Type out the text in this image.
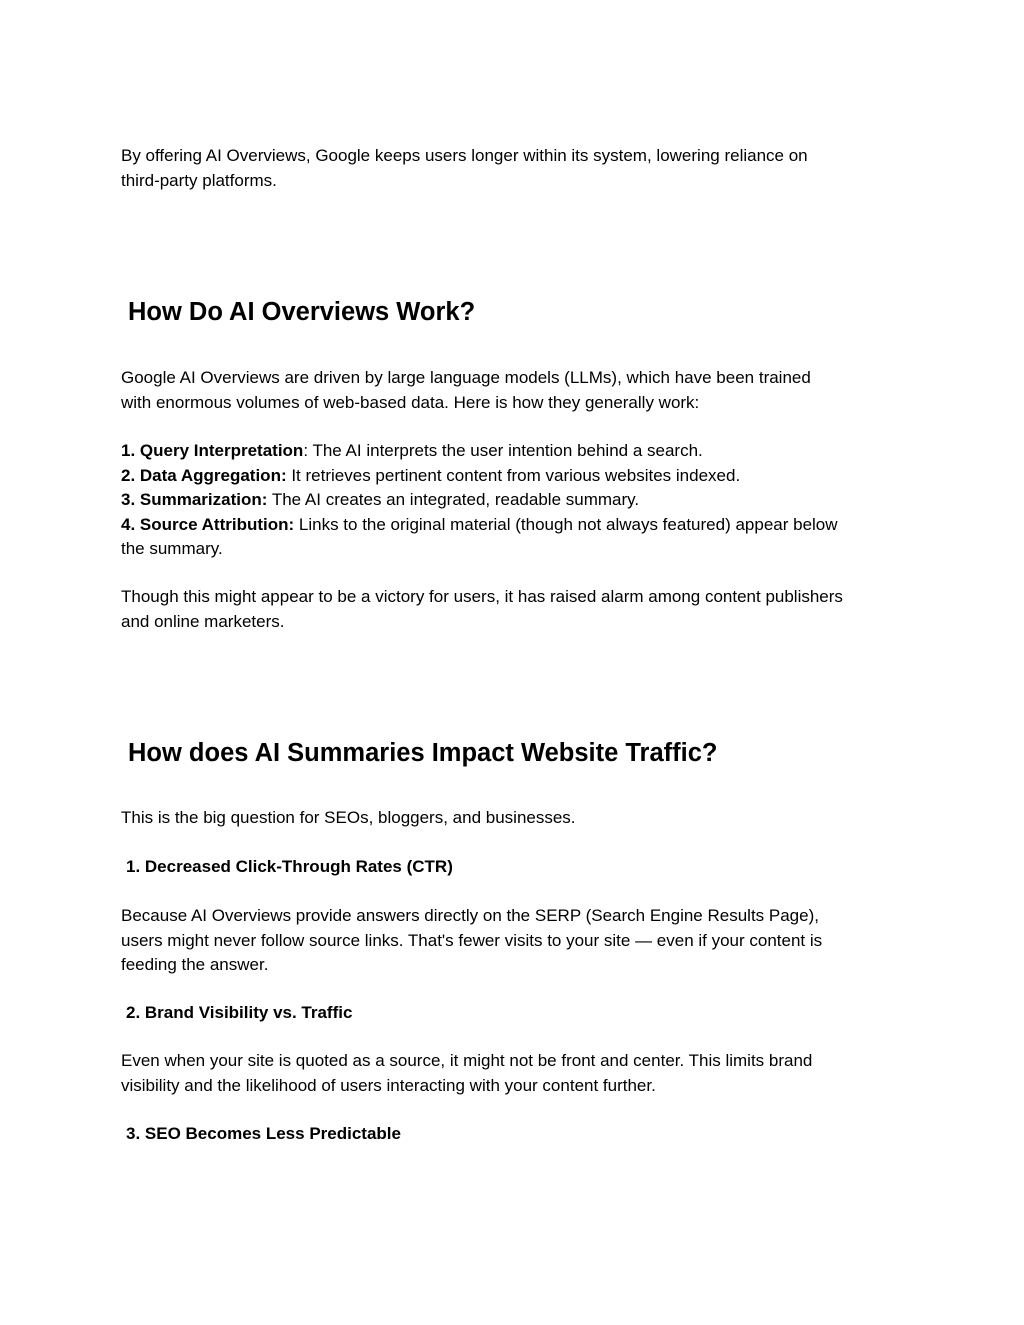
By offering AI Overviews, Google keeps users longer within its system, lowering reliance on
third-party platforms.
How Do AI Overviews Work?
Google AI Overviews are driven by large language models (LLMs), which have been trained
with enormous volumes of web-based data. Here is how they generally work:
1. Query Interpretation: The AI interprets the user intention behind a search.
2. Data Aggregation: It retrieves pertinent content from various websites indexed.
3. Summarization: The AI creates an integrated, readable summary.
4. Source Attribution: Links to the original material (though not always featured) appear below
the summary.
Though this might appear to be a victory for users, it has raised alarm among content publishers
and online marketers.
How does AI Summaries Impact Website Traffic?
This is the big question for SEOs, bloggers, and businesses.
1. Decreased Click-Through Rates (CTR)
Because AI Overviews provide answers directly on the SERP (Search Engine Results Page),
users might never follow source links. That's fewer visits to your site — even if your content is
feeding the answer.
2. Brand Visibility vs. Traffic
Even when your site is quoted as a source, it might not be front and center. This limits brand
visibility and the likelihood of users interacting with your content further.
3. SEO Becomes Less Predictable
